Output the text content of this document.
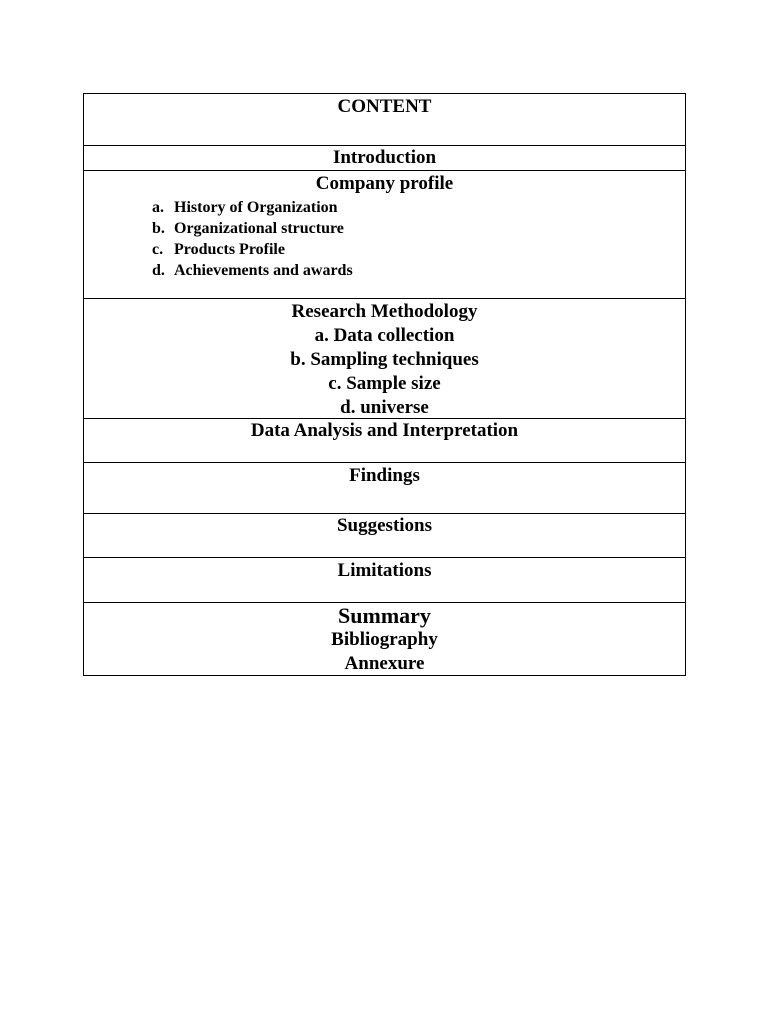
CONTENT
Introduction
Company profile
a. History of Organization
b. Organizational structure
c. Products Profile
d. Achievements and awards
Research Methodology
a. Data collection
b. Sampling techniques
c. Sample size
d. universe
Data Analysis and Interpretation
Findings
Suggestions
Limitations
Summary
Bibliography
Annexure
